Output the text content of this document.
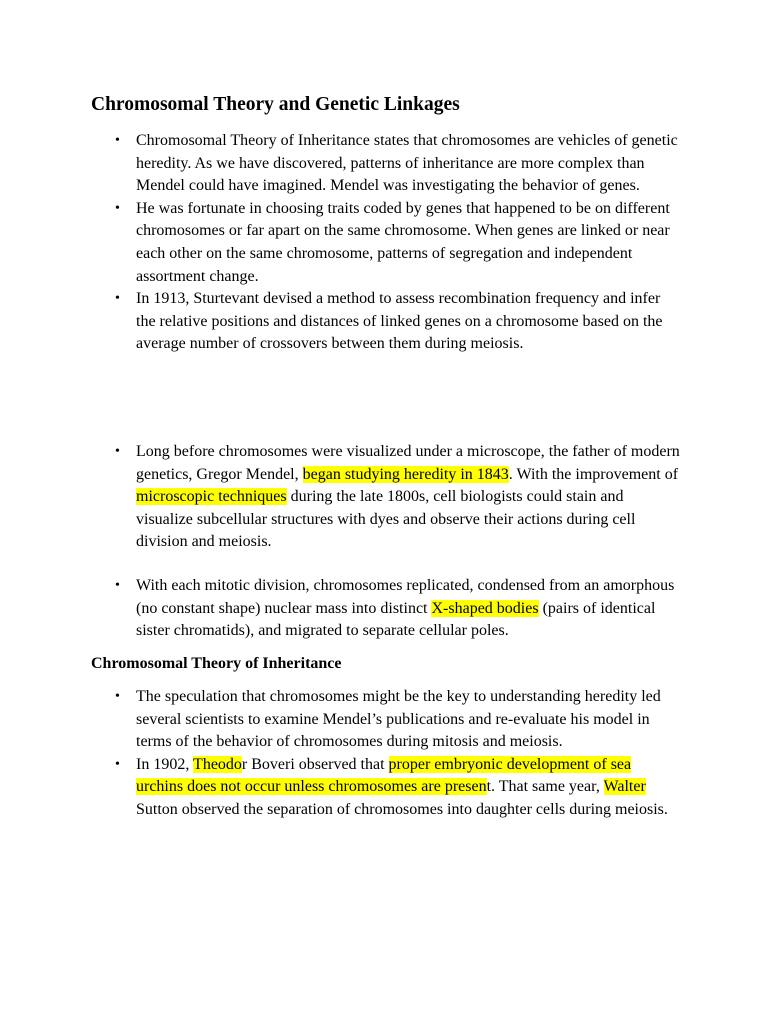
Chromosomal Theory and Genetic Linkages
• Chromosomal Theory of Inheritance states that chromosomes are vehicles of genetic heredity. As we have discovered, patterns of inheritance are more complex than Mendel could have imagined. Mendel was investigating the behavior of genes.
• He was fortunate in choosing traits coded by genes that happened to be on different chromosomes or far apart on the same chromosome. When genes are linked or near each other on the same chromosome, patterns of segregation and independent assortment change.
• In 1913, Sturtevant devised a method to assess recombination frequency and infer the relative positions and distances of linked genes on a chromosome based on the average number of crossovers between them during meiosis.
• Long before chromosomes were visualized under a microscope, the father of modern genetics, Gregor Mendel, began studying heredity in 1843. With the improvement of microscopic techniques during the late 1800s, cell biologists could stain and visualize subcellular structures with dyes and observe their actions during cell division and meiosis.
• With each mitotic division, chromosomes replicated, condensed from an amorphous (no constant shape) nuclear mass into distinct X-shaped bodies (pairs of identical sister chromatids), and migrated to separate cellular poles.
Chromosomal Theory of Inheritance
• The speculation that chromosomes might be the key to understanding heredity led several scientists to examine Mendel’s publications and re-evaluate his model in terms of the behavior of chromosomes during mitosis and meiosis.
• In 1902, Theodor Boveri observed that proper embryonic development of sea urchins does not occur unless chromosomes are present. That same year, Walter Sutton observed the separation of chromosomes into daughter cells during meiosis.
